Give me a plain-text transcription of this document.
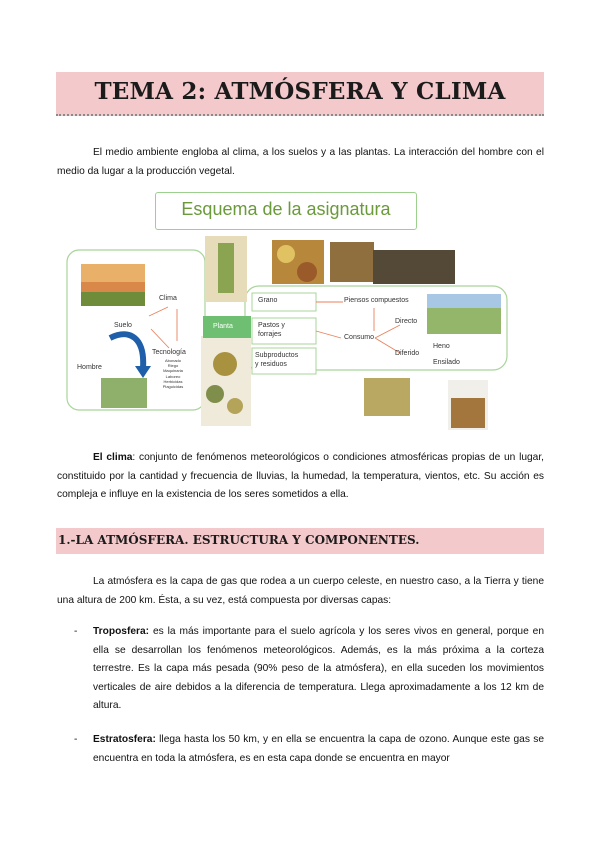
TEMA 2: ATMÓSFERA Y CLIMA

El medio ambiente engloba al clima, a los suelos y a las plantas. La interacción del hombre con el medio da lugar a la producción vegetal.

Esquema de la asignatura
Clima
Suelo
Hombre
Tecnología
Abonado
Riego
Maquinaria
Laboreo
Herbicidas
Plaguicidas
Planta
Grano
Pastos y
forrajes
Subproductos
y residuos
Piensos compuestos
Consumo
Directo
Diferido
Heno
Ensilado

El clima: conjunto de fenómenos meteorológicos o condiciones atmosféricas propias de un lugar, constituido por la cantidad y frecuencia de lluvias, la humedad, la temperatura, vientos, etc. Su acción es compleja e influye en la existencia de los seres sometidos a ella.

1.-LA ATMÓSFERA. ESTRUCTURA Y COMPONENTES.

La atmósfera es la capa de gas que rodea a un cuerpo celeste, en nuestro caso, a la Tierra y tiene una altura de 200 km. Ésta, a su vez, está compuesta por diversas capas:

- Troposfera: es la más importante para el suelo agrícola y los seres vivos en general, porque en ella se desarrollan los fenómenos meteorológicos. Además, es la más próxima a la corteza terrestre. Es la capa más pesada (90% peso de la atmósfera), en ella suceden los movimientos verticales de aire debidos a la diferencia de temperatura. Llega aproximadamente a los 12 km de altura.
- Estratosfera: llega hasta los 50 km, y en ella se encuentra la capa de ozono. Aunque este gas se encuentra en toda la atmósfera, es en esta capa donde se encuentra en mayor
